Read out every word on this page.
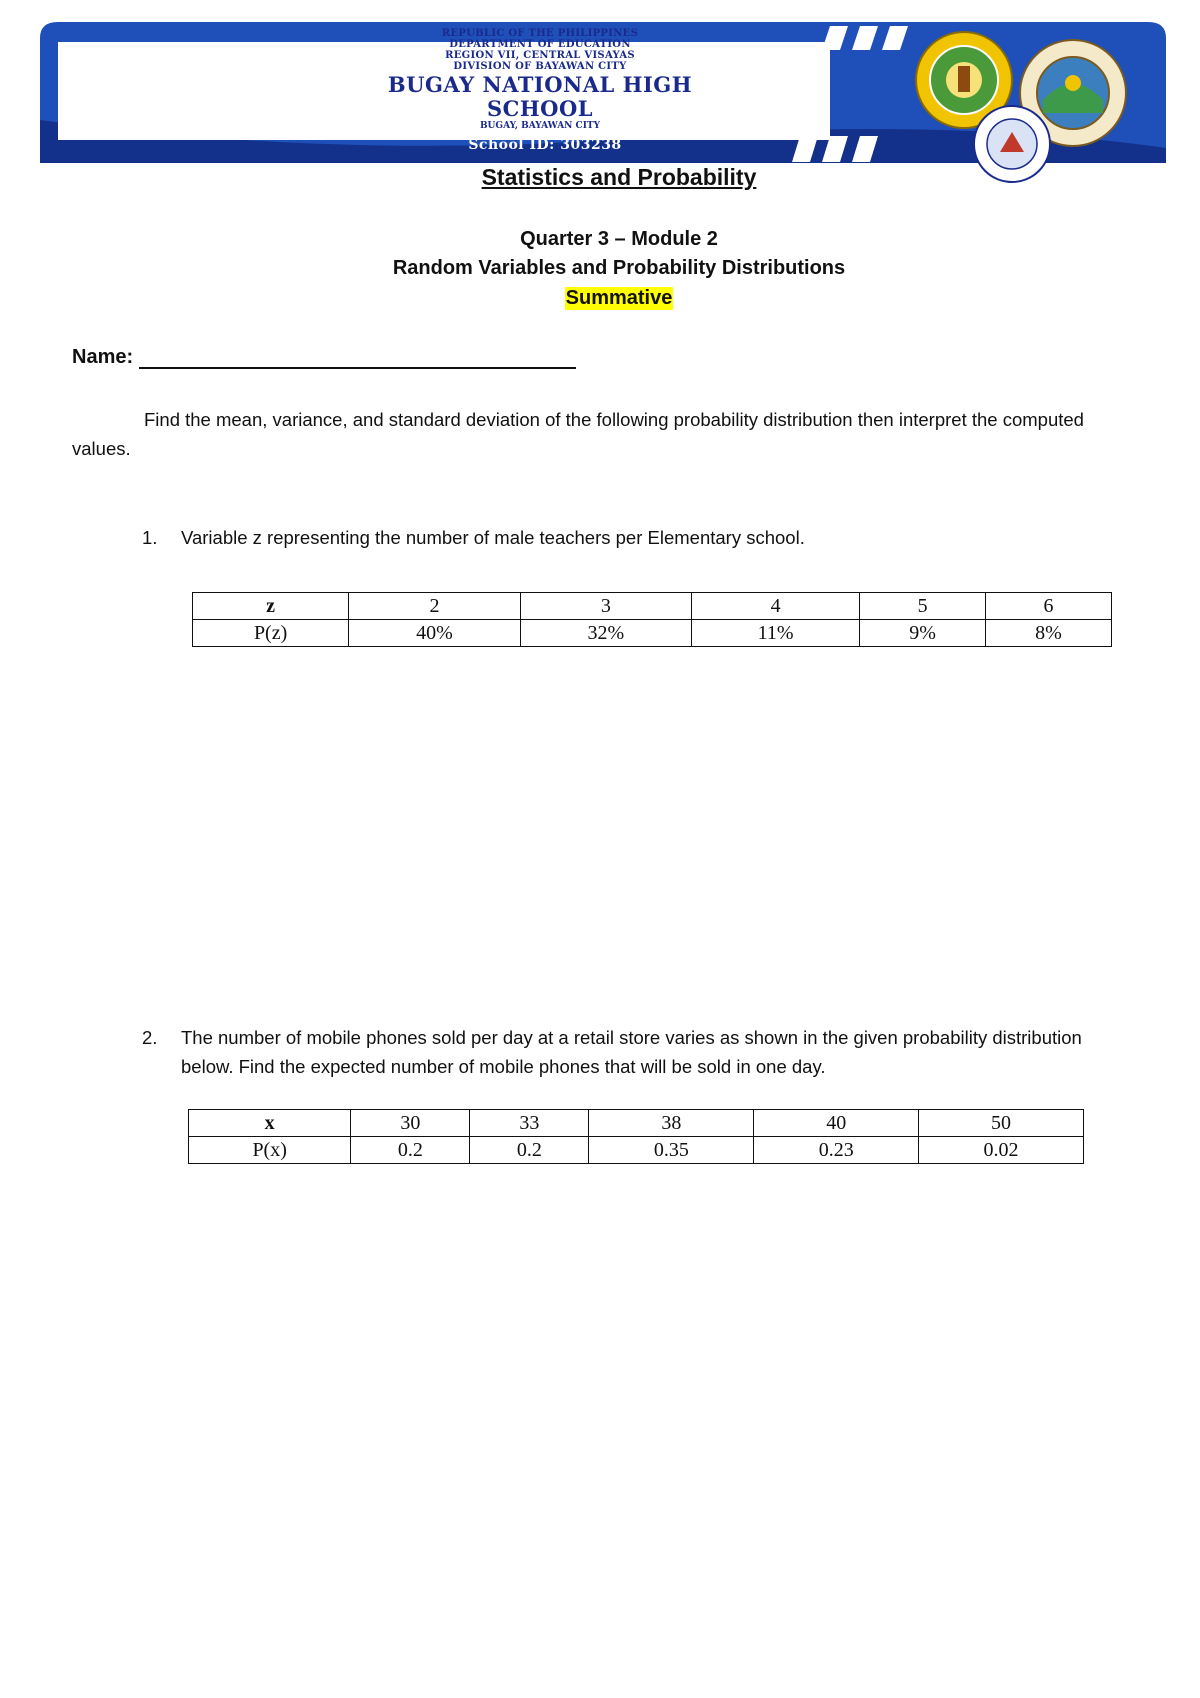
REPUBLIC OF THE PHILIPPINES
DEPARTMENT OF EDUCATION
REGION VII, CENTRAL VISAYAS
DIVISION OF BAYAWAN CITY
BUGAY NATIONAL HIGH SCHOOL
BUGAY, BAYAWAN CITY
School ID: 303238
Statistics and Probability
Quarter 3 – Module 2
Random Variables and Probability Distributions
Summative
Name:
Find the mean, variance, and standard deviation of the following probability distribution then interpret the computed values.
1. Variable z representing the number of male teachers per Elementary school.
z	2	3	4	5	6
P(z)	40%	32%	11%	9%	8%
2. The number of mobile phones sold per day at a retail store varies as shown in the given probability distribution below. Find the expected number of mobile phones that will be sold in one day.
x	30	33	38	40	50
P(x)	0.2	0.2	0.35	0.23	0.02
